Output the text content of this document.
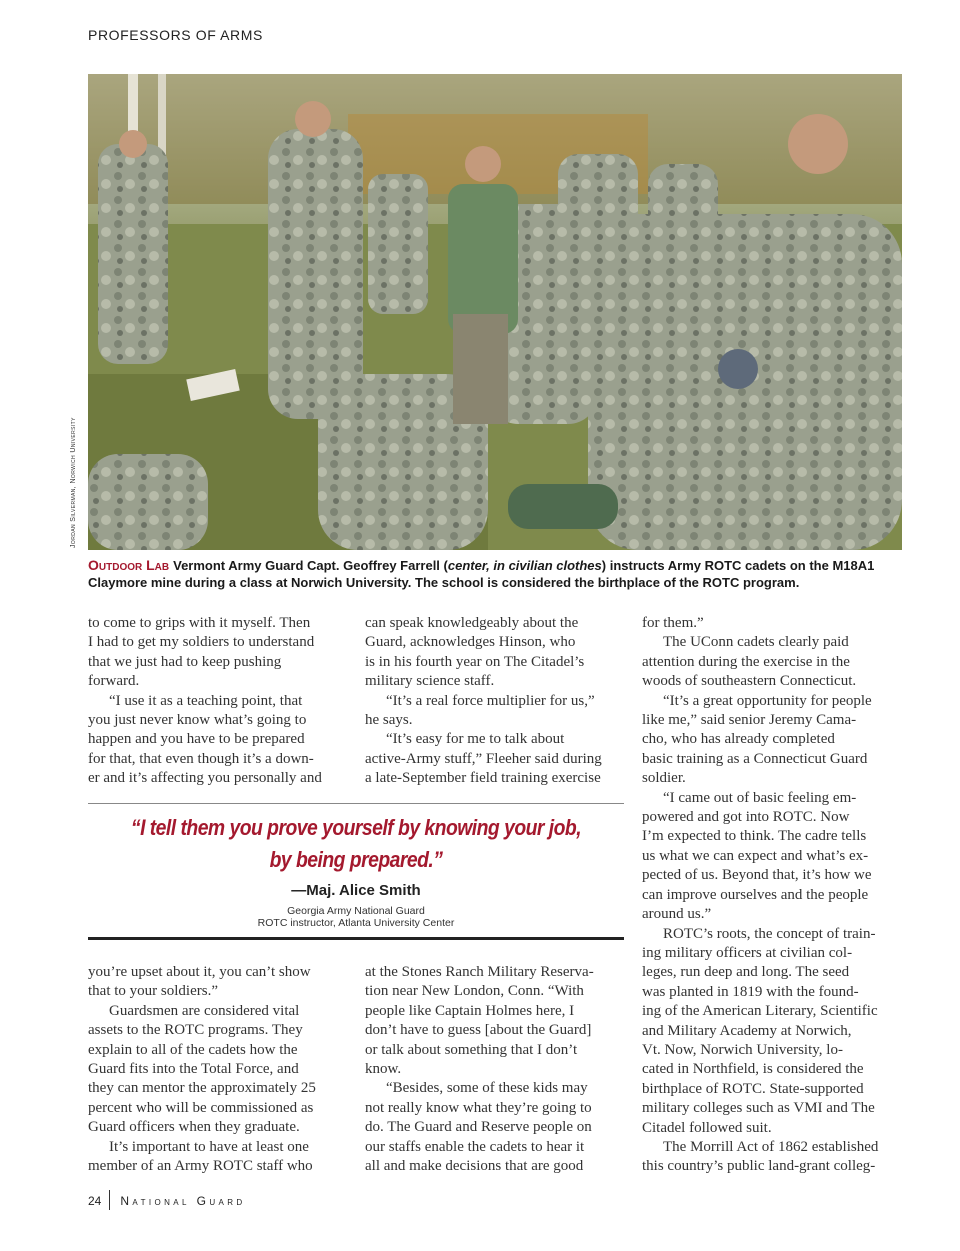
PROFESSORS OF ARMS
Jordan Silverman, Norwich University
Outdoor Lab Vermont Army Guard Capt. Geoffrey Farrell (center, in civilian clothes) instructs Army ROTC cadets on the M18A1 Claymore mine during a class at Norwich University. The school is considered the birthplace of the ROTC program.
to come to grips with it myself. Then
I had to get my soldiers to understand
that we just had to keep pushing
forward.
“I use it as a teaching point, that
you just never know what’s going to
happen and you have to be prepared
for that, that even though it’s a down-
er and it’s affecting you personally and
can speak knowledgeably about the
Guard, acknowledges Hinson, who
is in his fourth year on The Citadel’s
military science staff.
“It’s a real force multiplier for us,”
he says.
“It’s easy for me to talk about
active-Army stuff,” Fleeher said during
a late-September field training exercise
“I tell them you prove yourself by knowing your job,
by being prepared.”
—Maj. Alice Smith
Georgia Army National Guard
ROTC instructor, Atlanta University Center
you’re upset about it, you can’t show
that to your soldiers.”
Guardsmen are considered vital
assets to the ROTC programs. They
explain to all of the cadets how the
Guard fits into the Total Force, and
they can mentor the approximately 25
percent who will be commissioned as
Guard officers when they graduate.
It’s important to have at least one
member of an Army ROTC staff who
at the Stones Ranch Military Reserva-
tion near New London, Conn. “With
people like Captain Holmes here, I
don’t have to guess [about the Guard]
or talk about something that I don’t
know.
“Besides, some of these kids may
not really know what they’re going to
do. The Guard and Reserve people on
our staffs enable the cadets to hear it
all and make decisions that are good
for them.”
The UConn cadets clearly paid
attention during the exercise in the
woods of southeastern Connecticut.
“It’s a great opportunity for people
like me,” said senior Jeremy Cama-
cho, who has already completed
basic training as a Connecticut Guard
soldier.
“I came out of basic feeling em-
powered and got into ROTC. Now
I’m expected to think. The cadre tells
us what we can expect and what’s ex-
pected of us. Beyond that, it’s how we
can improve ourselves and the people
around us.”
ROTC’s roots, the concept of train-
ing military officers at civilian col-
leges, run deep and long. The seed
was planted in 1819 with the found-
ing of the American Literary, Scientific
and Military Academy at Norwich,
Vt. Now, Norwich University, lo-
cated in Northfield, is considered the
birthplace of ROTC. State-supported
military colleges such as VMI and The
Citadel followed suit.
The Morrill Act of 1862 established
this country’s public land-grant colleg-
24 National Guard
